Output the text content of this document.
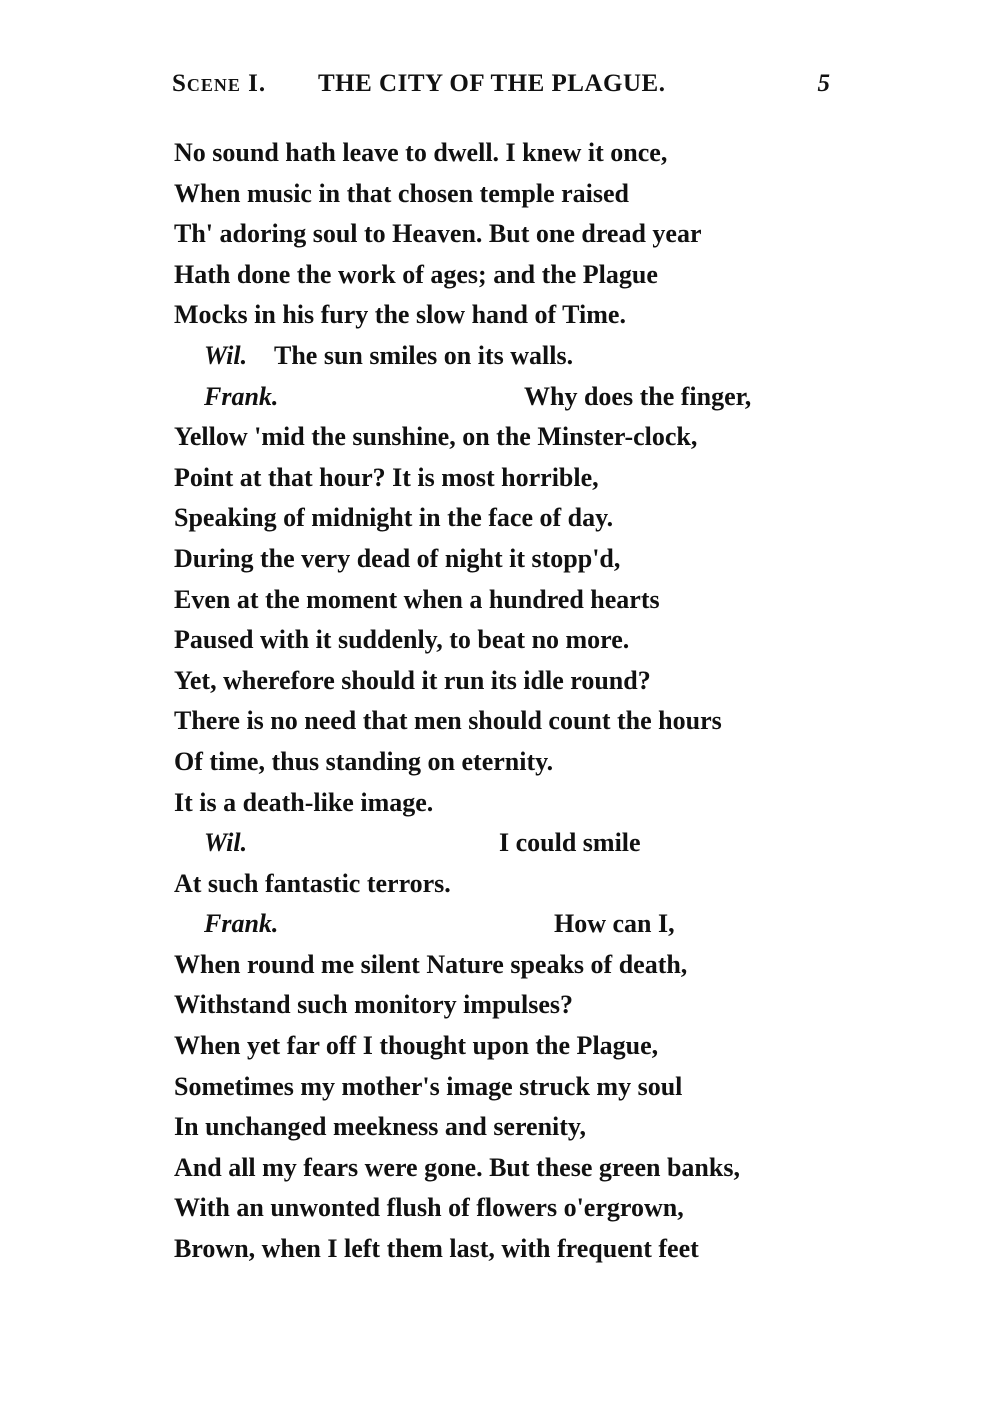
Scene I. THE CITY OF THE PLAGUE.	5
No sound hath leave to dwell. I knew it once,
When music in that chosen temple raised
Th' adoring soul to Heaven. But one dread year
Hath done the work of ages; and the Plague
Mocks in his fury the slow hand of Time.
Wil. The sun smiles on its walls.
Frank.	Why does the finger,
Yellow 'mid the sunshine, on the Minster-clock,
Point at that hour? It is most horrible,
Speaking of midnight in the face of day.
During the very dead of night it stopp'd,
Even at the moment when a hundred hearts
Paused with it suddenly, to beat no more.
Yet, wherefore should it run its idle round?
There is no need that men should count the hours
Of time, thus standing on eternity.
It is a death-like image.
Wil.	I could smile
At such fantastic terrors.
Frank.	How can I,
When round me silent Nature speaks of death,
Withstand such monitory impulses?
When yet far off I thought upon the Plague,
Sometimes my mother's image struck my soul
In unchanged meekness and serenity,
And all my fears were gone. But these green banks,
With an unwonted flush of flowers o'ergrown,
Brown, when I left them last, with frequent feet
